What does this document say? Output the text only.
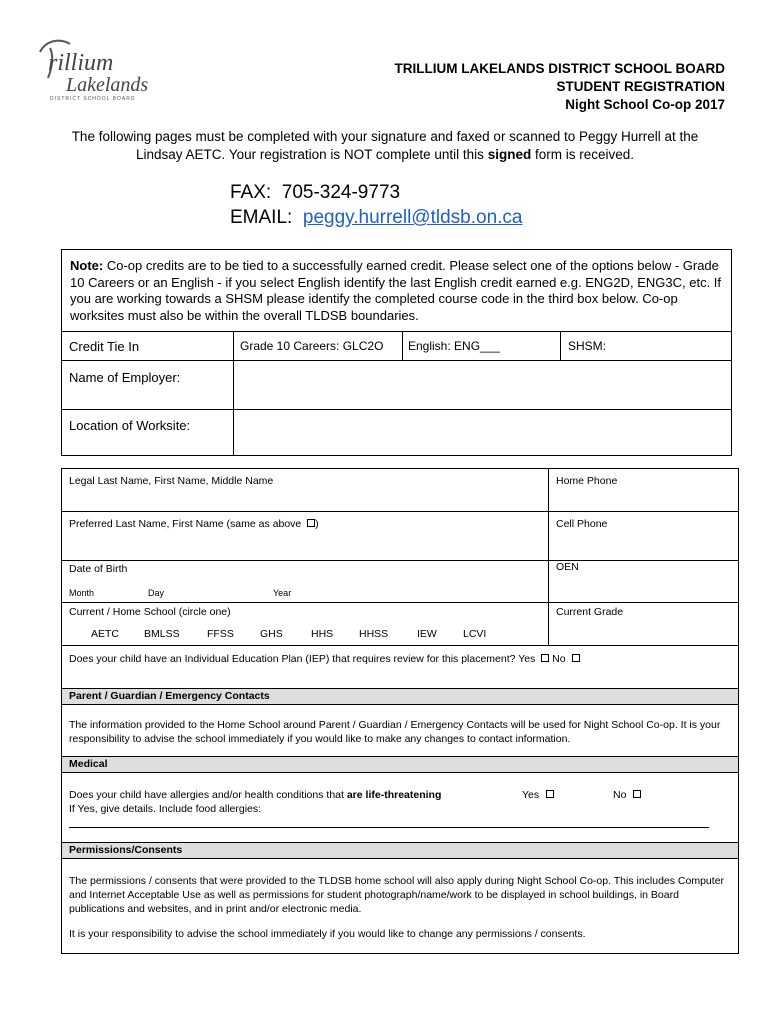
rillium
Lakelands
DISTRICT SCHOOL BOARD
TRILLIUM LAKELANDS DISTRICT SCHOOL BOARD
STUDENT REGISTRATION
Night School Co-op 2017
The following pages must be completed with your signature and faxed or scanned to Peggy Hurrell at the Lindsay AETC. Your registration is NOT complete until this signed form is received.
FAX: 705-324-9773
EMAIL: peggy.hurrell@tldsb.on.ca
Note: Co-op credits are to be tied to a successfully earned credit. Please select one of the options below - Grade 10 Careers or an English - if you select English identify the last English credit earned e.g. ENG2D, ENG3C, etc. If you are working towards a SHSM please identify the completed course code in the third box below. Co-op worksites must also be within the overall TLDSB boundaries.
Credit Tie In	Grade 10 Careers: GLC2O English: ENG___	SHSM:
Name of Employer:
Location of Worksite:
Legal Last Name, First Name, Middle Name	Home Phone
Preferred Last Name, First Name (same as above )	Cell Phone
Date of Birth	OEN
Month	Day	Year
Current / Home School (circle one)	Current Grade
AETC BMLSS	FFSS GHS	HHS HHSS	IEW LCVI
Does your child have an Individual Education Plan (IEP) that requires review for this placement? Yes  No
Parent / Guardian / Emergency Contacts
The information provided to the Home School around Parent / Guardian / Emergency Contacts will be used for Night School Co-op. It is your responsibility to advise the school immediately if you would like to make any changes to contact information.
Medical
Does your child have allergies and/or health conditions that are life-threatening	Yes	No
If Yes, give details. Include food allergies:
Permissions/Consents
The permissions / consents that were provided to the TLDSB home school will also apply during Night School Co-op. This includes Computer and Internet Acceptable Use as well as permissions for student photograph/name/work to be displayed in school buildings, in Board publications and websites, and in print and/or electronic media.
It is your responsibility to advise the school immediately if you would like to change any permissions / consents.
